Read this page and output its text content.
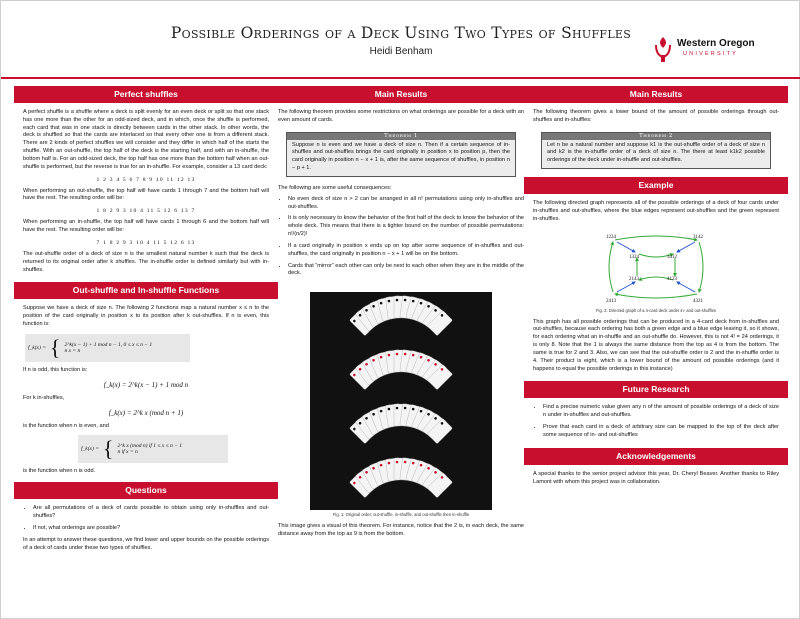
Possible Orderings of a Deck Using Two Types of Shuffles
Heidi Benham
Western Oregon
UNIVERSITY
Perfect shuffles

A perfect shuffle is a shuffle where a deck is split evenly for an even deck or split so that one stack has one more than the other for an odd-sized deck, and in which, once the shuffle is performed, each card that was in one stack is directly between cards in the other stack. In other words, the deck is shuffled so that the cards are interlaced so that every other one is from a different stack. There are 2 kinds of perfect shuffles we will consider and they differ in which half of the starts the shuffle. With an out-shuffle, the top half of the deck is the starting half, and with an in-shuffle, the bottom half is. For an odd-sized deck, the top half has one more than the bottom half when an out-shuffle is performed, but the reverse is true for an in-shuffle. For example, consider a 13 card deck:

1 2 3 4 5 6 7 8 9 10 11 12 13

When performing an out-shuffle, the top half will have cards 1 through 7 and the bottom half will have the rest. The resulting order will be:

1 8 2 9 3 10 4 11 5 12 6 13 7

When performing an in-shuffle, the top half will have cards 1 through 6 and the bottom half will have the rest. The resulting order will be:

7 1 8 2 9 3 10 4 11 5 12 6 13

The out-shuffle order of a deck of size n is the smallest natural number k such that the deck is returned to its original order after k shuffles. The in-shuffle order is defined similarly but with in-shuffles.

Out-shuffle and In-shuffle Functions

Suppose we have a deck of size n. The following 2 functions map a natural number x ≤ n to the position of the card originally in position x to its position after k out-shuffles. If n is even, this function is:

f_k(x) = { 2^k(x − 1) + 1 mod n − 1, 0 ≤ x ≤ n − 1
n x = n

If n is odd, this function is:

f_k(x) = 2^k(x − 1) + 1 mod n

For k in-shuffles,

f_k(x) = 2^k x (mod n + 1)

is the function when n is even, and

f_k(x) = { 2^k x (mod n) if 1 ≤ x ≤ n − 1
n if x = n

is the function when n is odd.

Questions
• Are all permutations of a deck of cards possible to obtain using only in-shuffles and out-shuffles?
• If not, what orderings are possible?

In an attempt to answer these questions, we find lower and upper bounds on the possible orderings of a deck of cards under these two types of shuffles.

Main Results

The following theorem provides some restrictions on what orderings are possible for a deck with an even amount of cards.

Theorem 1

Suppose n is even and we have a deck of size n. Then if a certain sequence of in-shuffles and out-shuffles brings the card originally in position x to position p, then the card originally in position n − x + 1 is, after the same sequence of shuffles, in position n − p + 1.

The following are some useful consequences:

• No even deck of size n > 2 can be arranged in all n! permutations using only in-shuffles and out-shuffles.
• It is only necessary to know the behavior of the first half of the deck to know the behavior of the whole deck. This means that there is a tighter bound on the number of possible permutations: n!/(n/2)!
• If a card originally in position x ends up on top after some sequence of in-shuffles and out-shuffles, the card originally in position n − x + 1 will be on the bottom.
• Cards that “mirror” each other can only be next to each other when they are in the middle of the deck.
Fig. 1: Original order, out-shuffle, in-shuffle, and out-shuffle then in-shuffle

This image gives a visual of this theorem. For instance, notice that the 2 is, in each deck, the same distance away from the top as 9 is from the bottom.

Main Results

The following theorem gives a lower bound of the amount of possible orderings through out-shuffles and in-shuffles:

Theorem 2

Let n be a natural number and suppose k1 is the out-shuffle order of a deck of size n and k2 is the in-shuffle order of a deck of size n. The there at least k1k2 possible orderings of the deck under in-shuffle and out-shuffles.

Example

The following directed graph represents all of the possible orderings of a deck of four cards under in-shuffles and out-shuffles, where the blue edges represent out-shuffles and the green represent in-shuffles.

1234	3142
2413	4321
4123
2143
3412
1324
Fig. 2: Directed graph of a 4-card deck under in- and out-shuffles

This graph has all possible orderings that can be produced in a 4-card deck from in-shuffles and out-shuffles, because each ordering has both a green edge and a blue edge leaving it, so it shows, for each ordering what an in-shuffle and an out-shuffle do. However, this is not 4! = 24 orderings, it is only 8. Note that the 1 is always the same distance from the top as 4 is from the bottom. The same is true for 2 and 3. Also, we can see that the out-shuffle order is 2 and the in-shuffle order is 4. Their product is eight, which is a lower bound of the amount od possible orderings (and it happens to equal the possible orderings in this instance)

Future Research
• Find a precise numeric value given any n of the amount of possible orderings of a deck of size n under in-shuffles and out-shuffles.
• Prove that each card in a deck of arbitrary size can be mapped to the top of the deck after some sequence of in- and out-shuffles
Acknowledgements

A special thanks to the senior project advisor this year, Dr. Cheryl Beaver. Another thanks to Riley Lamont with whom this project was in collaboration.
